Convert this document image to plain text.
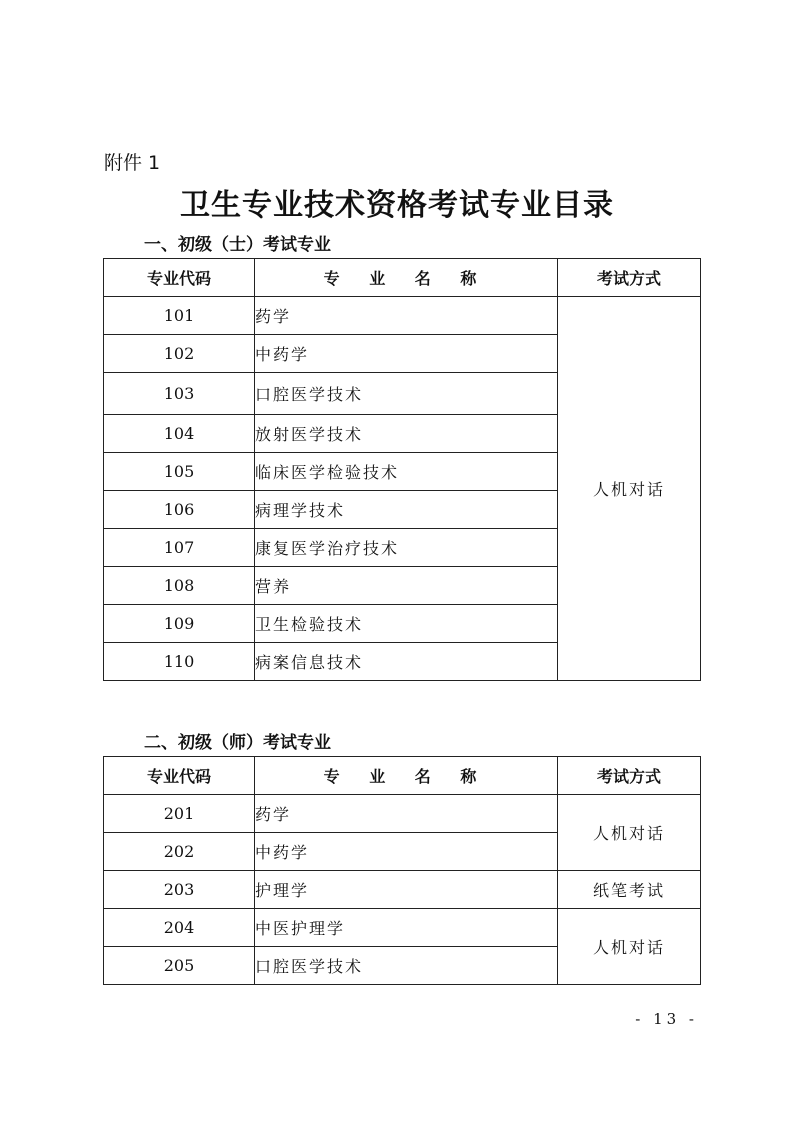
附件 1
卫生专业技术资格考试专业目录
一、初级（士）考试专业
专业代码	专 业 名 称	考试方式
101	药学	人机对话
102	中药学	
103	口腔医学技术	
104	放射医学技术	
105	临床医学检验技术	
106	病理学技术	
107	康复医学治疗技术	
108	营养	
109	卫生检验技术	
110	病案信息技术	
二、初级（师）考试专业
专业代码	专 业 名 称	考试方式
201	药学	人机对话
202	中药学	
203	护理学	纸笔考试
204	中医护理学	人机对话
205	口腔医学技术	
- 13 -
